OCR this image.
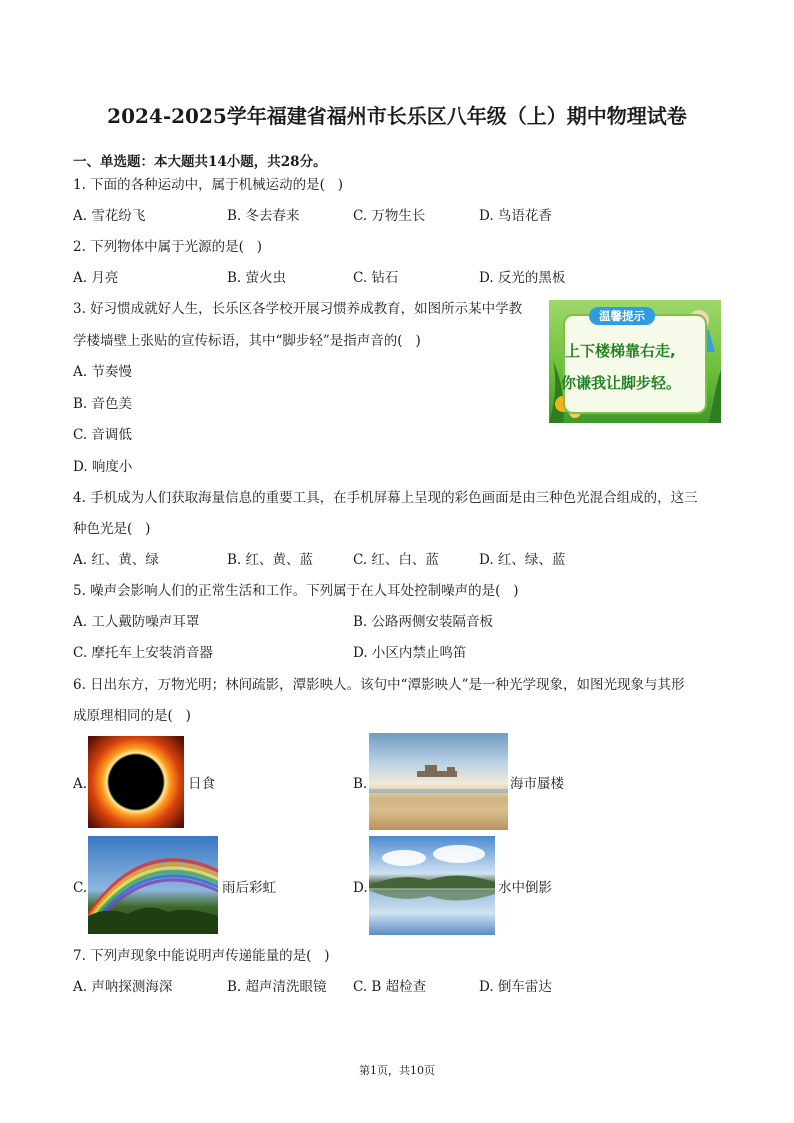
2024-2025学年福建省福州市长乐区八年级（上）期中物理试卷
一、单选题：本大题共14小题，共28分。
1. 下面的各种运动中，属于机械运动的是(   )
A. 雪花纷飞	B. 冬去春来	C. 万物生长	D. 鸟语花香
2. 下列物体中属于光源的是(   )
A. 月亮	B. 萤火虫	C. 钻石	D. 反光的黑板
3. 好习惯成就好人生，长乐区各学校开展习惯养成教育，如图所示某中学教
学楼墙壁上张贴的宣传标语，其中“脚步轻”是指声音的(   )
A. 节奏慢
B. 音色美
C. 音调低
D. 响度小
温馨提示
上下楼梯靠右走,
你谦我让脚步轻。
4. 手机成为人们获取海量信息的重要工具，在手机屏幕上呈现的彩色画面是由三种色光混合组成的，这三
种色光是(   )
A. 红、黄、绿	B. 红、黄、蓝	C. 红、白、蓝	D. 红、绿、蓝
5. 噪声会影响人们的正常生活和工作。下列属于在人耳处控制噪声的是(   )
A. 工人戴防噪声耳罩	B. 公路两侧安装隔音板
C. 摩托车上安装消音器	D. 小区内禁止鸣笛
6. 日出东方，万物光明；林间疏影，潭影映人。该句中“潭影映人”是一种光学现象，如图光现象与其形
成原理相同的是(   )
A.	日食	B.	海市蜃楼
C.	雨后彩虹	D.	水中倒影
7. 下列声现象中能说明声传递能量的是(   )
A. 声呐探测海深	B. 超声清洗眼镜 C. B 超检查	D. 倒车雷达
第1页，共10页
